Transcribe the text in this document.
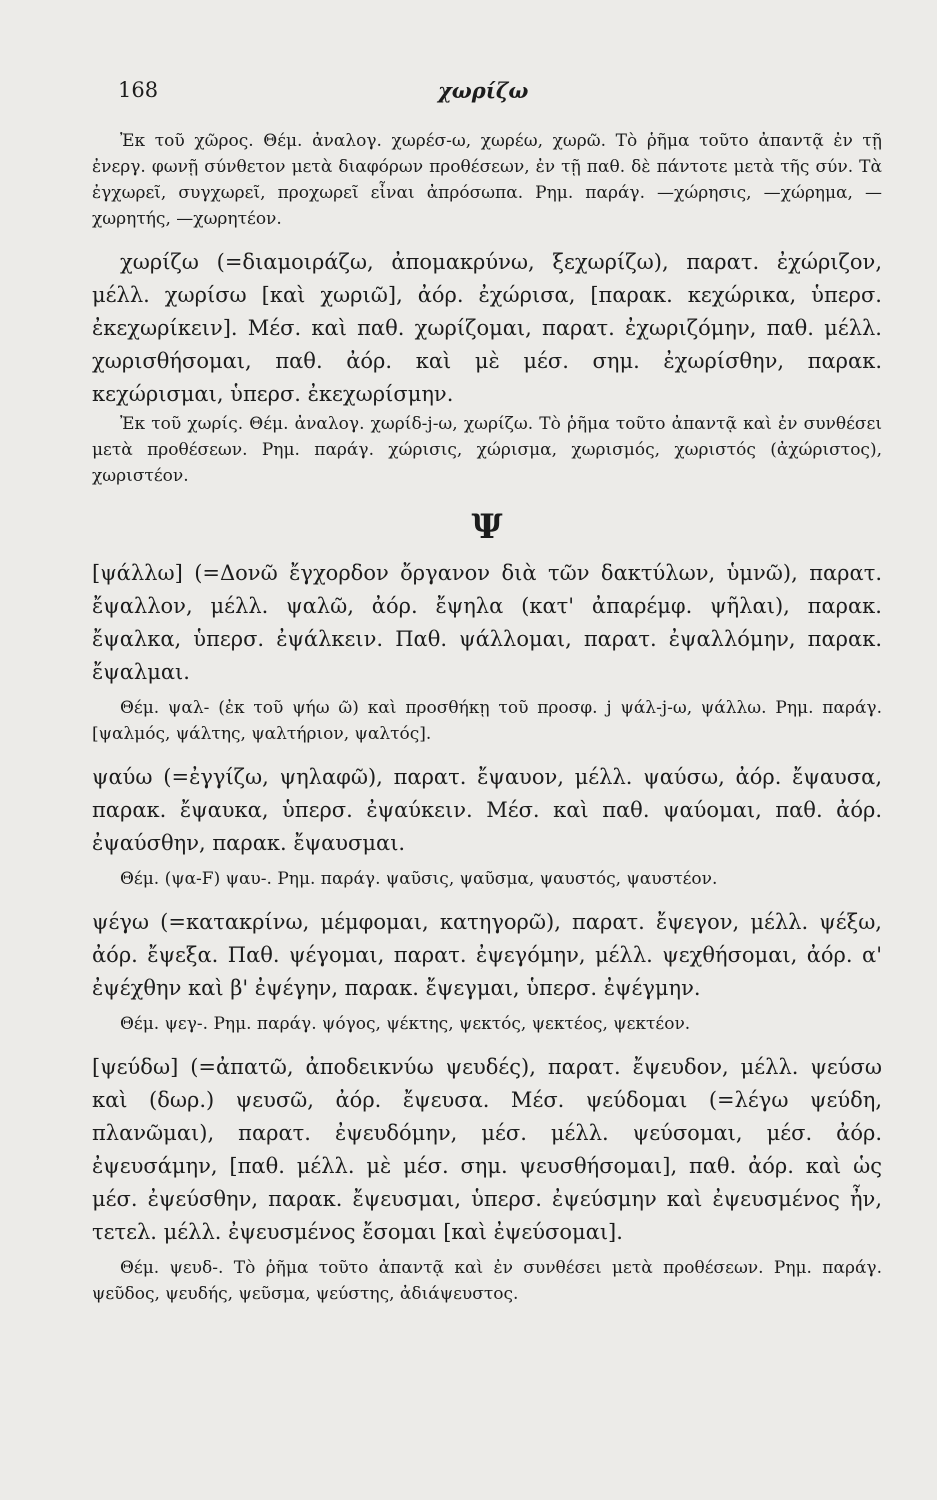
168	χωρίζω

Ἐκ τοῦ χῶρος. Θέμ. ἀναλογ. χωρέσ-ω, χωρέω, χωρῶ. Τὸ ῥῆμα τοῦτο ἀπαντᾷ ἐν τῇ ἐνεργ. φωνῇ σύνθετον μετὰ διαφόρων προθέσεων, ἐν τῇ παθ. δὲ πάντοτε μετὰ τῆς σύν. Τὰ ἐγχωρεῖ, συγχωρεῖ, προχωρεῖ εἶναι ἀπρόσωπα. Ρημ. παράγ. —χώρησις, —χώρημα, —χωρητής, —χωρητέον.

χωρίζω (=διαμοιράζω, ἀπομακρύνω, ξεχωρίζω), παρατ. ἐχώριζον, μέλλ. χωρίσω [καὶ χωριῶ], ἀόρ. ἐχώρισα, [παρακ. κεχώρικα, ὑπερσ. ἐκεχωρίκειν]. Μέσ. καὶ παθ. χωρίζομαι, παρατ. ἐχωριζόμην, παθ. μέλλ. χωρισθήσομαι, παθ. ἀόρ. καὶ μὲ μέσ. σημ. ἐχωρίσθην, παρακ. κεχώρισμαι, ὑπερσ. ἐκεχωρίσμην.

Ἐκ τοῦ χωρίς. Θέμ. ἀναλογ. χωρίδ-j-ω, χωρίζω. Τὸ ῥῆμα τοῦτο ἀπαντᾷ καὶ ἐν συνθέσει μετὰ προθέσεων. Ρημ. παράγ. χώρισις, χώρισμα, χωρισμός, χωριστός (ἀχώριστος), χωριστέον.

Ψ

[ψάλλω] (=Δονῶ ἔγχορδον ὄργανον διὰ τῶν δακτύλων, ὑμνῶ), παρατ. ἔψαλλον, μέλλ. ψαλῶ, ἀόρ. ἔψηλα (κατ' ἀπαρέμφ. ψῆλαι), παρακ. ἔψαλκα, ὑπερσ. ἐψάλκειν. Παθ. ψάλλομαι, παρατ. ἐψαλλόμην, παρακ. ἔψαλμαι.

Θέμ. ψαλ- (ἐκ τοῦ ψήω ῶ) καὶ προσθήκῃ τοῦ προσφ. j ψάλ-j-ω, ψάλλω. Ρημ. παράγ. [ψαλμός, ψάλτης, ψαλτήριον, ψαλτός].

ψαύω (=ἐγγίζω, ψηλαφῶ), παρατ. ἔψαυον, μέλλ. ψαύσω, ἀόρ. ἔψαυσα, παρακ. ἔψαυκα, ὑπερσ. ἐψαύκειν. Μέσ. καὶ παθ. ψαύομαι, παθ. ἀόρ. ἐψαύσθην, παρακ. ἔψαυσμαι.

Θέμ. (ψα-F) ψαυ-. Ρημ. παράγ. ψαῦσις, ψαῦσμα, ψαυστός, ψαυστέον.

ψέγω (=κατακρίνω, μέμφομαι, κατηγορῶ), παρατ. ἔψεγον, μέλλ. ψέξω, ἀόρ. ἔψεξα. Παθ. ψέγομαι, παρατ. ἐψεγόμην, μέλλ. ψεχθήσομαι, ἀόρ. α' ἐψέχθην καὶ β' ἐψέγην, παρακ. ἔψεγμαι, ὑπερσ. ἐψέγμην.

Θέμ. ψεγ-. Ρημ. παράγ. ψόγος, ψέκτης, ψεκτός, ψεκτέος, ψεκτέον.

[ψεύδω] (=ἀπατῶ, ἀποδεικνύω ψευδές), παρατ. ἔψευδον, μέλλ. ψεύσω καὶ (δωρ.) ψευσῶ, ἀόρ. ἔψευσα. Μέσ. ψεύδομαι (=λέγω ψεύδη, πλανῶμαι), παρατ. ἐψευδόμην, μέσ. μέλλ. ψεύσομαι, μέσ. ἀόρ. ἐψευσάμην, [παθ. μέλλ. μὲ μέσ. σημ. ψευσθήσομαι], παθ. ἀόρ. καὶ ὡς μέσ. ἐψεύσθην, παρακ. ἔψευσμαι, ὑπερσ. ἐψεύσμην καὶ ἐψευσμένος ἦν, τετελ. μέλλ. ἐψευσμένος ἔσομαι [καὶ ἐψεύσομαι].

Θέμ. ψευδ-. Τὸ ῥῆμα τοῦτο ἀπαντᾷ καὶ ἐν συνθέσει μετὰ προθέσεων. Ρημ. παράγ. ψεῦδος, ψευδής, ψεῦσμα, ψεύστης, ἀδιάψευστος.
